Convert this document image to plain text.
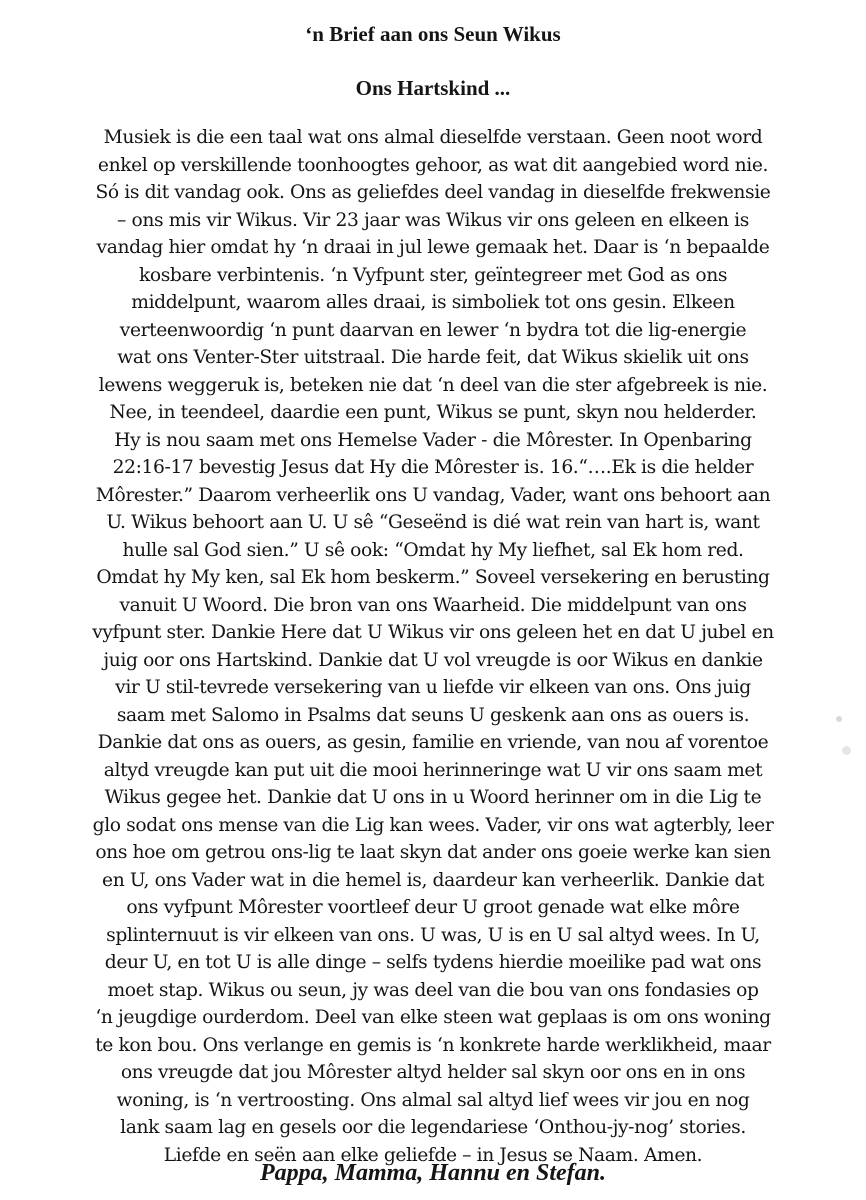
‘n Brief aan ons Seun Wikus
Ons Hartskind ...
Musiek is die een taal wat ons almal dieselfde verstaan. Geen noot word
enkel op verskillende toonhoogtes gehoor, as wat dit aangebied word nie.
Só is dit vandag ook. Ons as geliefdes deel vandag in dieselfde frekwensie
– ons mis vir Wikus. Vir 23 jaar was Wikus vir ons geleen en elkeen is
vandag hier omdat hy ‘n draai in jul lewe gemaak het. Daar is ‘n bepaalde
kosbare verbintenis. ‘n Vyfpunt ster, geïntegreer met God as ons
middelpunt, waarom alles draai, is simboliek tot ons gesin. Elkeen
verteenwoordig ‘n punt daarvan en lewer ‘n bydra tot die lig-energie
wat ons Venter-Ster uitstraal. Die harde feit, dat Wikus skielik uit ons
lewens weggeruk is, beteken nie dat ‘n deel van die ster afgebreek is nie.
Nee, in teendeel, daardie een punt, Wikus se punt, skyn nou helderder.
Hy is nou saam met ons Hemelse Vader - die Môrester. In Openbaring
22:16-17 bevestig Jesus dat Hy die Môrester is. 16.“….Ek is die helder
Môrester.” Daarom verheerlik ons U vandag, Vader, want ons behoort aan
U. Wikus behoort aan U. U sê “Geseënd is dié wat rein van hart is, want
hulle sal God sien.” U sê ook: “Omdat hy My liefhet, sal Ek hom red.
Omdat hy My ken, sal Ek hom beskerm.” Soveel versekering en berusting
vanuit U Woord. Die bron van ons Waarheid. Die middelpunt van ons
vyfpunt ster. Dankie Here dat U Wikus vir ons geleen het en dat U jubel en
juig oor ons Hartskind. Dankie dat U vol vreugde is oor Wikus en dankie
vir U stil-tevrede versekering van u liefde vir elkeen van ons. Ons juig
saam met Salomo in Psalms dat seuns U geskenk aan ons as ouers is.
Dankie dat ons as ouers, as gesin, familie en vriende, van nou af vorentoe
altyd vreugde kan put uit die mooi herinneringe wat U vir ons saam met
Wikus gegee het. Dankie dat U ons in u Woord herinner om in die Lig te
glo sodat ons mense van die Lig kan wees. Vader, vir ons wat agterbly, leer
ons hoe om getrou ons-lig te laat skyn dat ander ons goeie werke kan sien
en U, ons Vader wat in die hemel is, daardeur kan verheerlik. Dankie dat
ons vyfpunt Môrester voortleef deur U groot genade wat elke môre
splinternuut is vir elkeen van ons. U was, U is en U sal altyd wees. In U,
deur U, en tot U is alle dinge – selfs tydens hierdie moeilike pad wat ons
moet stap. Wikus ou seun, jy was deel van die bou van ons fondasies op
‘n jeugdige ourderdom. Deel van elke steen wat geplaas is om ons woning
te kon bou. Ons verlange en gemis is ‘n konkrete harde werklikheid, maar
ons vreugde dat jou Môrester altyd helder sal skyn oor ons en in ons
woning, is ‘n vertroosting. Ons almal sal altyd lief wees vir jou en nog
lank saam lag en gesels oor die legendariese ‘Onthou-jy-nog’ stories.
Liefde en seën aan elke geliefde – in Jesus se Naam. Amen.
Pappa, Mamma, Hannu en Stefan.
